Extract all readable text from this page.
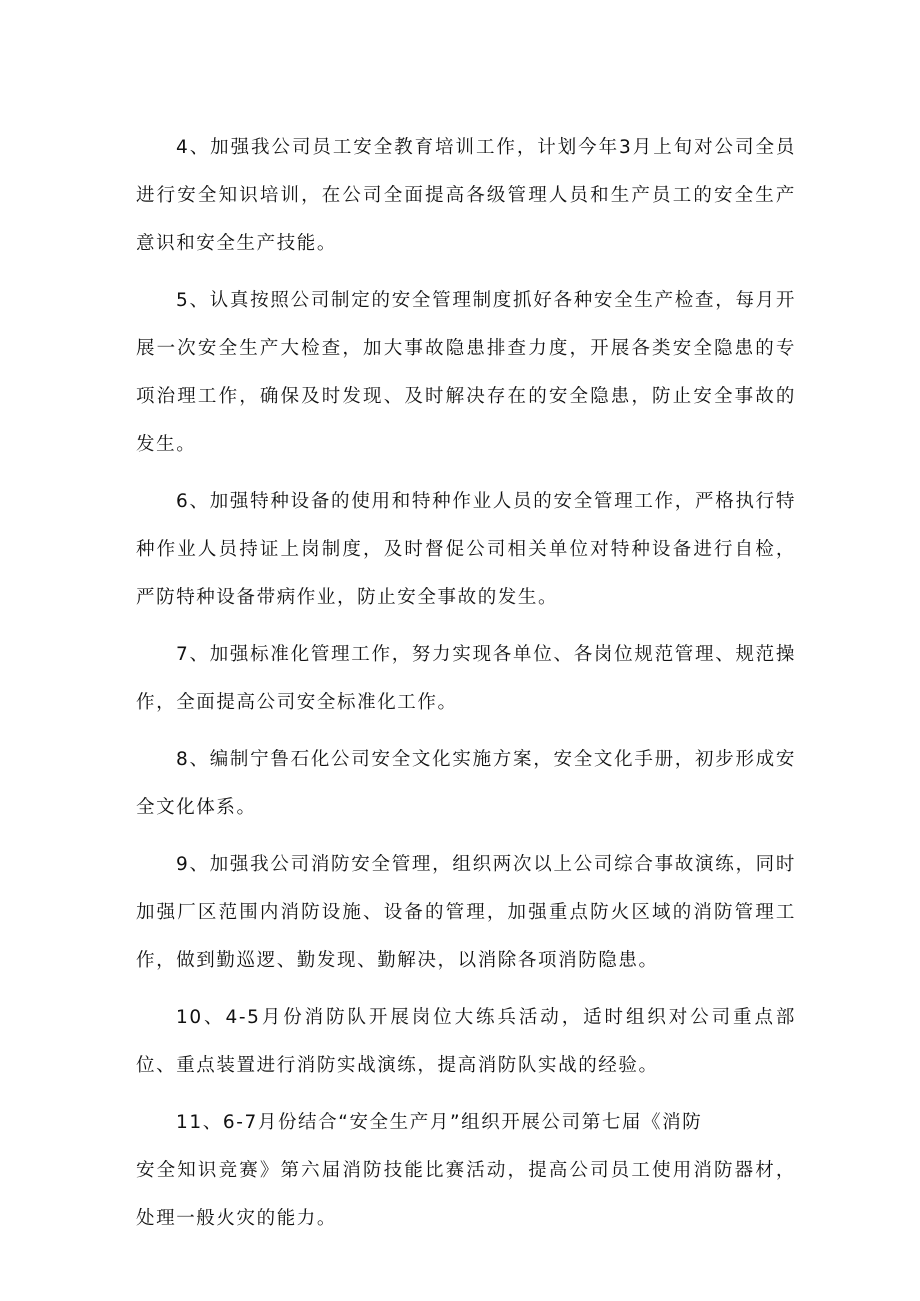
4、加强我公司员工安全教育培训工作，计划今年3月上旬对公司全员进行安全知识培训，在公司全面提高各级管理人员和生产员工的安全生产意识和安全生产技能。

5、认真按照公司制定的安全管理制度抓好各种安全生产检查，每月开展一次安全生产大检查，加大事故隐患排查力度，开展各类安全隐患的专项治理工作，确保及时发现、及时解决存在的安全隐患，防止安全事故的发生。

6、加强特种设备的使用和特种作业人员的安全管理工作，严格执行特种作业人员持证上岗制度，及时督促公司相关单位对特种设备进行自检，严防特种设备带病作业，防止安全事故的发生。

7、加强标准化管理工作，努力实现各单位、各岗位规范管理、规范操作，全面提高公司安全标准化工作。

8、编制宁鲁石化公司安全文化实施方案，安全文化手册，初步形成安全文化体系。

9、加强我公司消防安全管理，组织两次以上公司综合事故演练，同时加强厂区范围内消防设施、设备的管理，加强重点防火区域的消防管理工作，做到勤巡逻、勤发现、勤解决，以消除各项消防隐患。

10、4-5月份消防队开展岗位大练兵活动，适时组织对公司重点部位、重点装置进行消防实战演练，提高消防队实战的经验。

11、6-7月份结合“安全生产月”组织开展公司第七届《消防
安全知识竞赛》第六届消防技能比赛活动，提高公司员工使用消防器材，处理一般火灾的能力。
